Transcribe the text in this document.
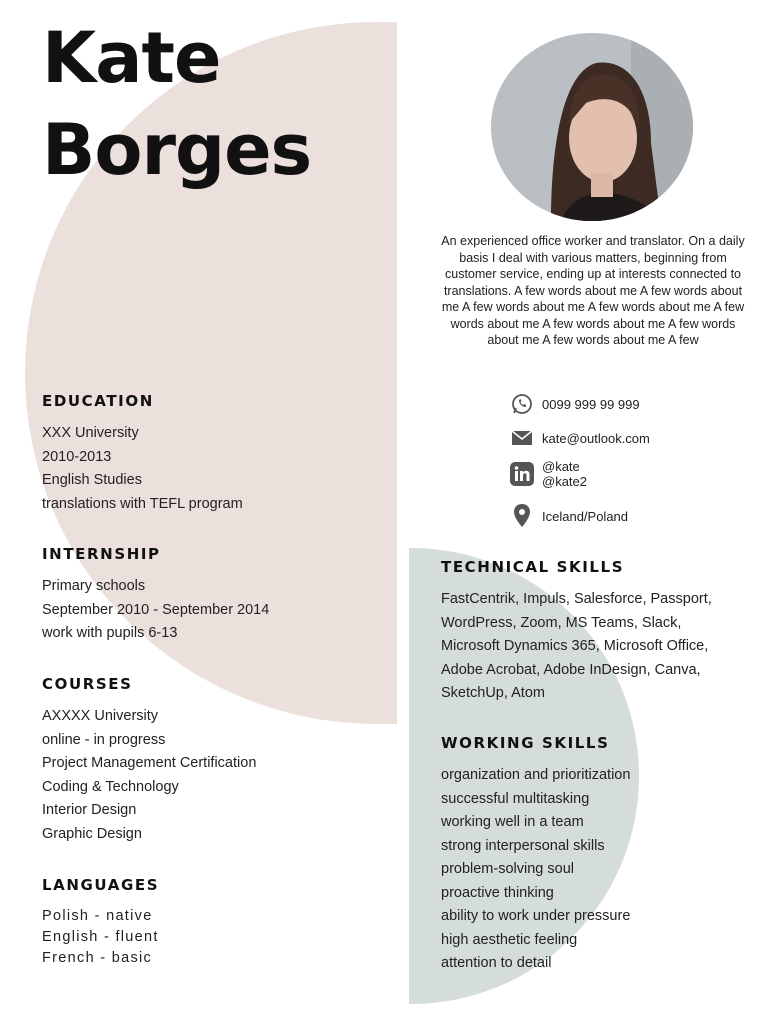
Kate
Borges
An experienced office worker and translator. On a daily basis I deal with various matters, beginning from customer service, ending up at interests connected to translations. A few words about me A few words about me A few words about me A few words about me A few words about me A few words about me A few words about me A few words about me A few
0099 999 99 999
kate@outlook.com
@kate
@kate2
Iceland/Poland
EDUCATION
XXX University
2010-2013
English Studies
translations with TEFL program
INTERNSHIP
Primary schools
September 2010 - September 2014
work with pupils 6-13
COURSES
AXXXX University
online - in progress
Project Management Certification
Coding & Technology
Interior Design
Graphic Design
LANGUAGES
Polish - native
English - fluent
French - basic
TECHNICAL SKILLS
FastCentrik, Impuls, Salesforce, Passport,
WordPress, Zoom, MS Teams, Slack,
Microsoft Dynamics 365, Microsoft Office,
Adobe Acrobat, Adobe InDesign, Canva,
SketchUp, Atom
WORKING SKILLS
organization and prioritization
successful multitasking
working well in a team
strong interpersonal skills
problem-solving soul
proactive thinking
ability to work under pressure
high aesthetic feeling
attention to detail
